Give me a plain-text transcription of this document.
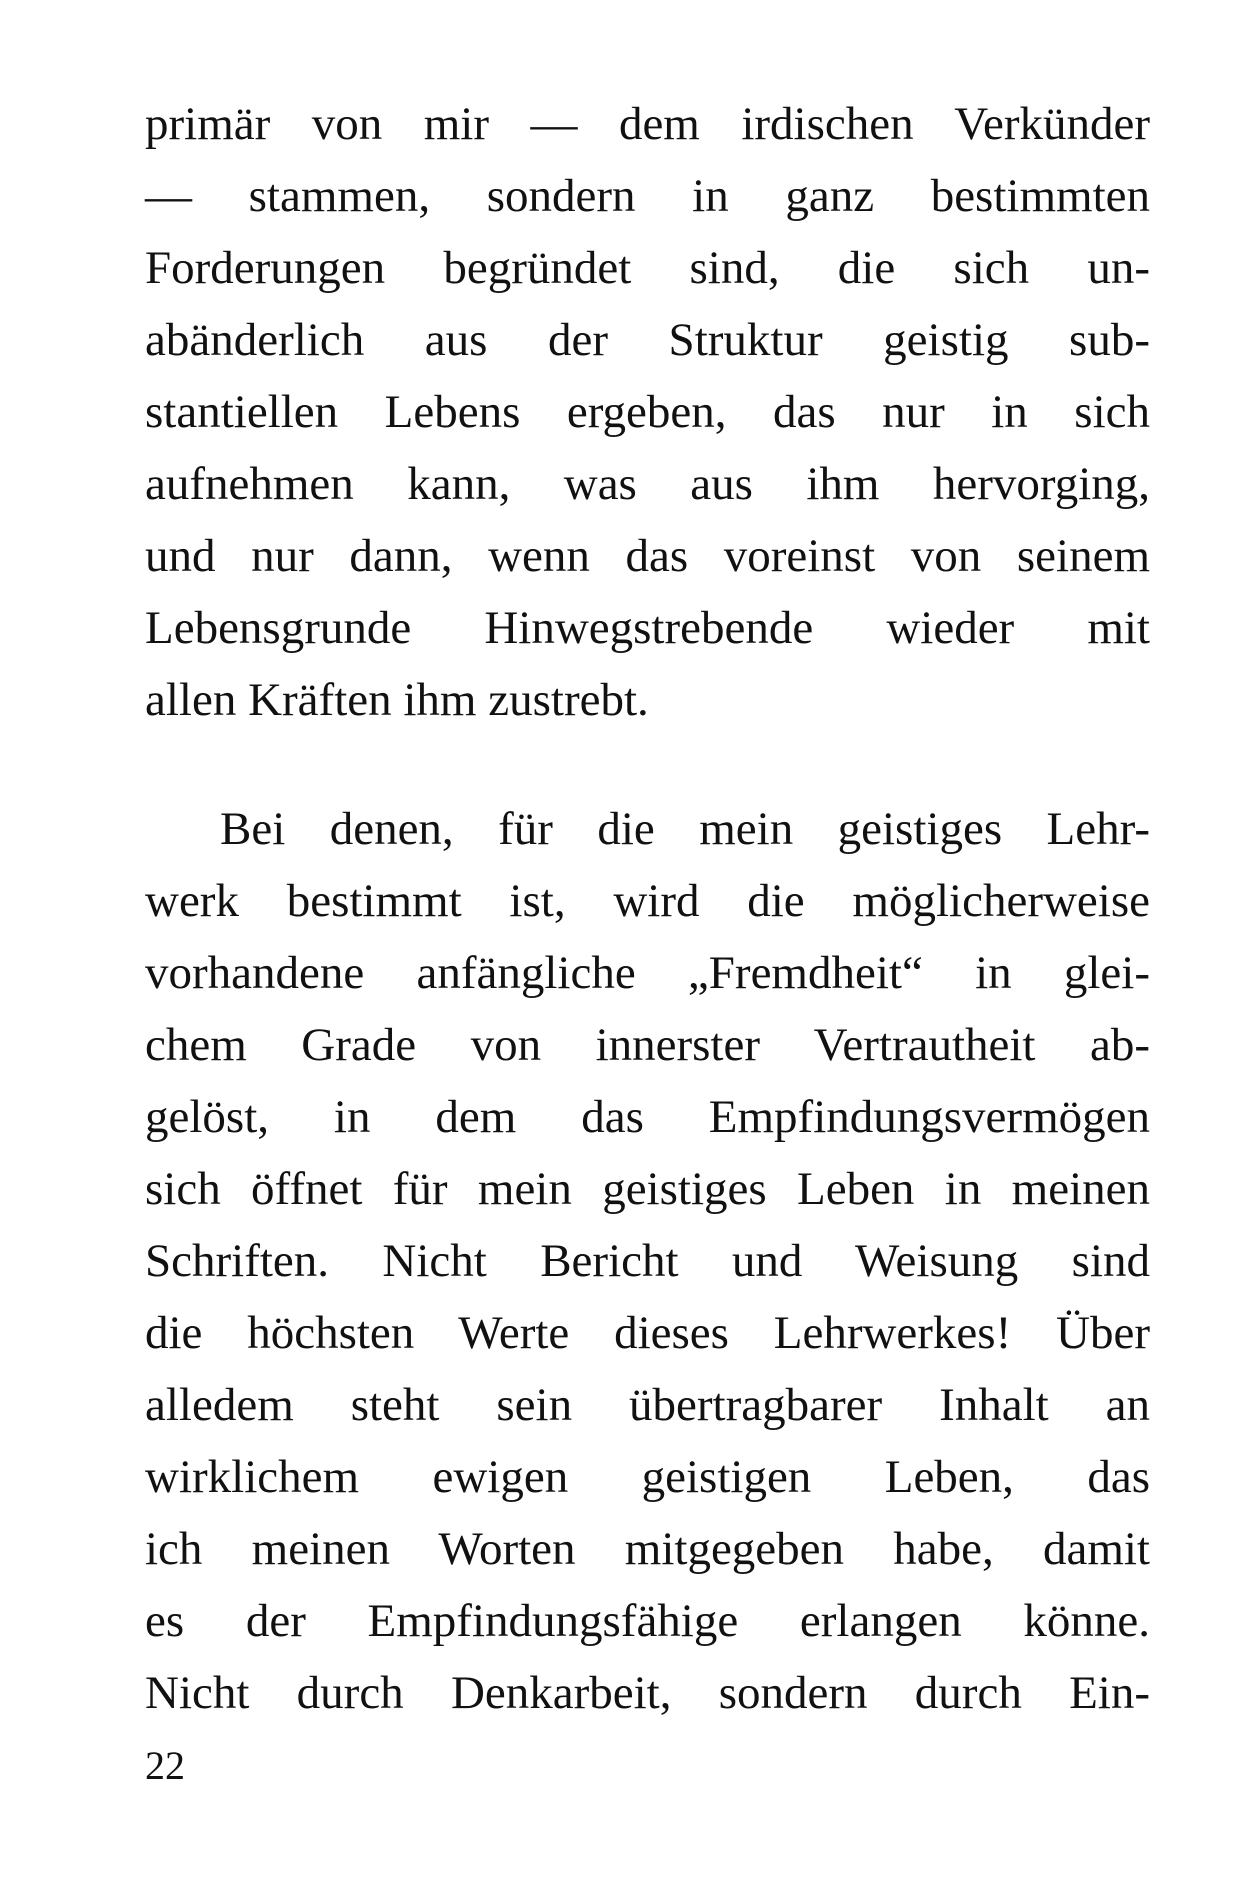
primär von mir — dem irdischen Verkünder
— stammen, sondern in ganz bestimmten
Forderungen begründet sind, die sich un-
abänderlich aus der Struktur geistig sub-
stantiellen Lebens ergeben, das nur in sich
aufnehmen kann, was aus ihm hervorging,
und nur dann, wenn das voreinst von seinem
Lebensgrunde Hinwegstrebende wieder mit
allen Kräften ihm zustrebt.
Bei denen, für die mein geistiges Lehr-
werk bestimmt ist, wird die möglicherweise
vorhandene anfängliche „Fremdheit“ in glei-
chem Grade von innerster Vertrautheit ab-
gelöst, in dem das Empfindungsvermögen
sich öffnet für mein geistiges Leben in meinen
Schriften. Nicht Bericht und Weisung sind
die höchsten Werte dieses Lehrwerkes! Über
alledem steht sein übertragbarer Inhalt an
wirklichem ewigen geistigen Leben, das
ich meinen Worten mitgegeben habe, damit
es der Empfindungsfähige erlangen könne.
Nicht durch Denkarbeit, sondern durch Ein-
22
